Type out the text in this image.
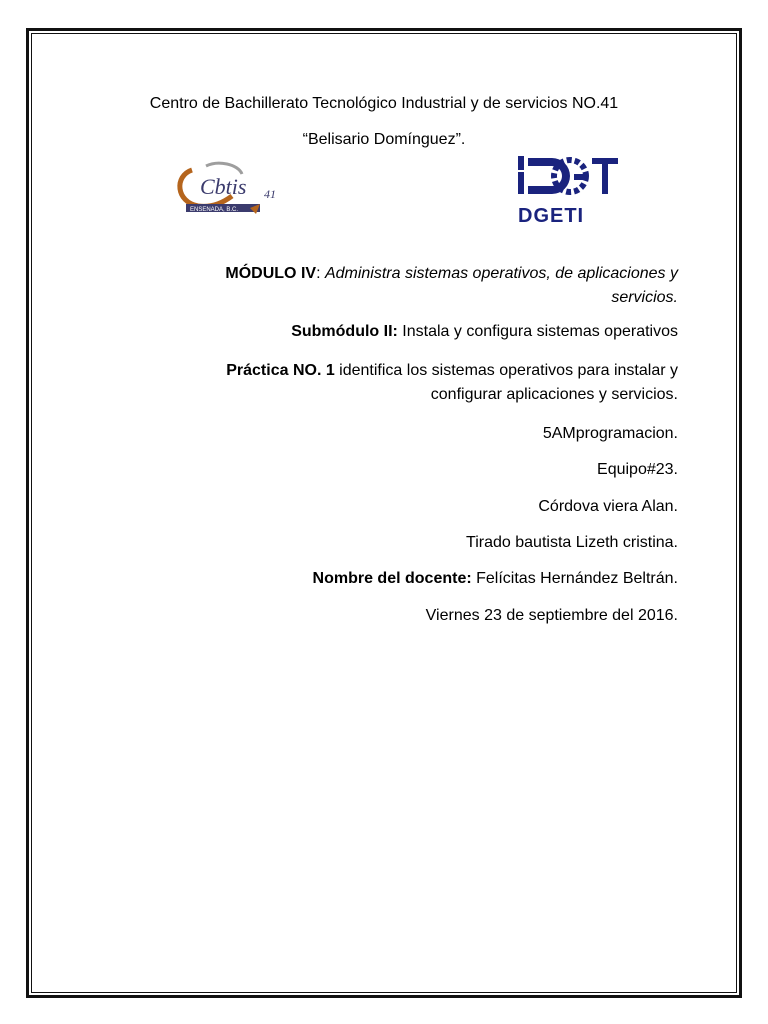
Centro de Bachillerato Tecnológico Industrial y de servicios NO.41
“Belisario Domínguez”.
Cbtis 41
ENSENADA, B.C.	DGETI
MÓDULO IV: Administra sistemas operativos, de aplicaciones y
servicios.
Submódulo II: Instala y configura sistemas operativos
Práctica NO. 1 identifica los sistemas operativos para instalar y
configurar aplicaciones y servicios.
5AMprogramacion.
Equipo#23.
Córdova viera Alan.
Tirado bautista Lizeth cristina.
Nombre del docente: Felícitas Hernández Beltrán.
Viernes 23 de septiembre del 2016.
